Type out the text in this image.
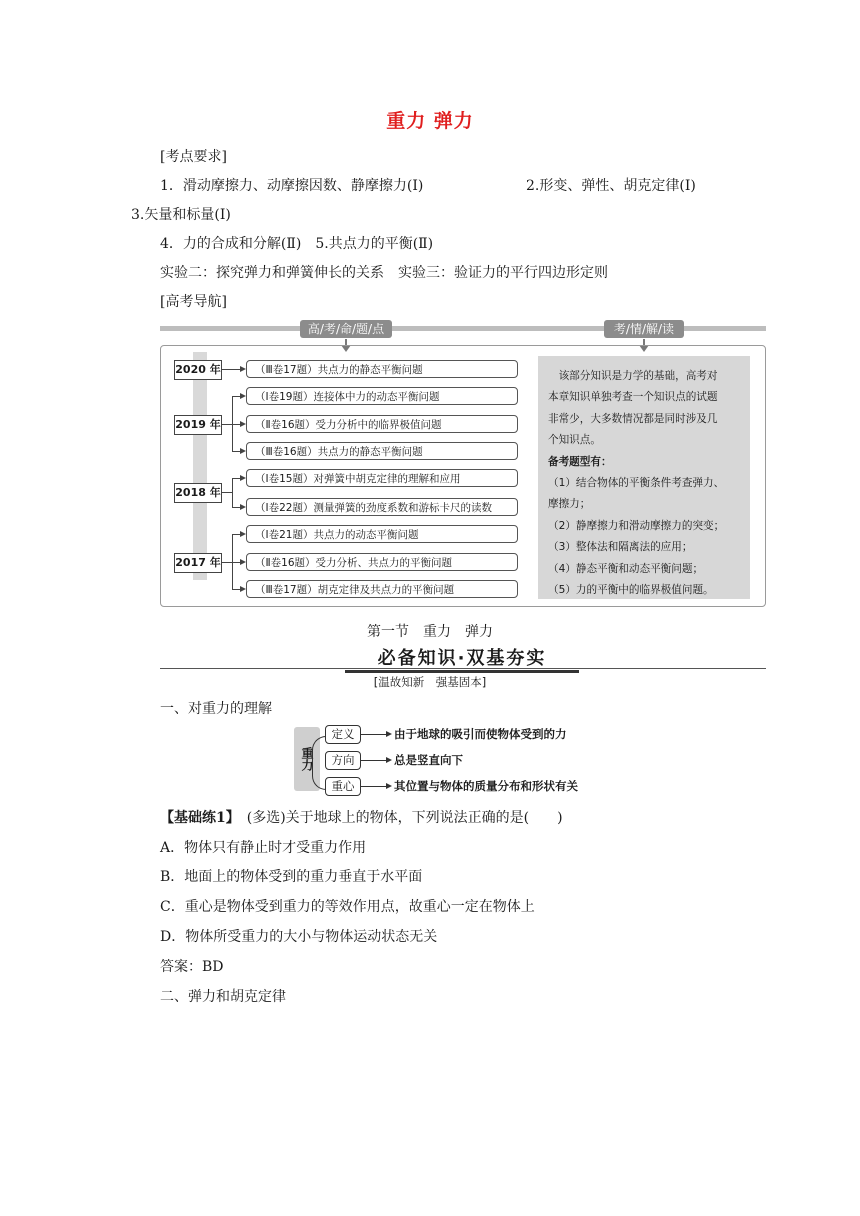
重力 弹力
[考点要求]
1．滑动摩擦力、动摩擦因数、静摩擦力(Ⅰ)	2.形变、弹性、胡克定律(Ⅰ)
3.矢量和标量(Ⅰ)
4．力的合成和分解(Ⅱ)　5.共点力的平衡(Ⅱ)
实验二：探究弹力和弹簧伸长的关系　实验三：验证力的平行四边形定则
[高考导航]
高/考/命/题/点	考/情/解/读
2020 年
2019 年
2018 年
2017 年
（Ⅲ卷17题）共点力的静态平衡问题
（Ⅰ卷19题）连接体中力的动态平衡问题
（Ⅱ卷16题）受力分析中的临界极值问题
（Ⅲ卷16题）共点力的静态平衡问题
（Ⅰ卷15题）对弹簧中胡克定律的理解和应用
（Ⅰ卷22题）测量弹簧的劲度系数和游标卡尺的读数
（Ⅰ卷21题）共点力的动态平衡问题
（Ⅱ卷16题）受力分析、共点力的平衡问题
（Ⅲ卷17题）胡克定律及共点力的平衡问题

　该部分知识是力学的基础，高考对

本章知识单独考查一个知识点的试题

非常少，大多数情况都是同时涉及几

个知识点。

备考题型有：

（1）结合物体的平衡条件考查弹力、

摩擦力；

（2）静摩擦力和滑动摩擦力的突变；

（3）整体法和隔离法的应用；

（4）静态平衡和动态平衡问题；

（5）力的平衡中的临界极值问题。

第一节　重力　弹力
必备知识·双基夯实
[温故知新　强基固本]
一、对重力的理解
重力
定义	由于地球的吸引而使物体受到的力
方向	总是竖直向下
重心	其位置与物体的质量分布和形状有关
【基础练1】　(多选)关于地球上的物体，下列说法正确的是(　　)
A．物体只有静止时才受重力作用
B．地面上的物体受到的重力垂直于水平面
C．重心是物体受到重力的等效作用点，故重心一定在物体上
D．物体所受重力的大小与物体运动状态无关
答案：BD
二、弹力和胡克定律
